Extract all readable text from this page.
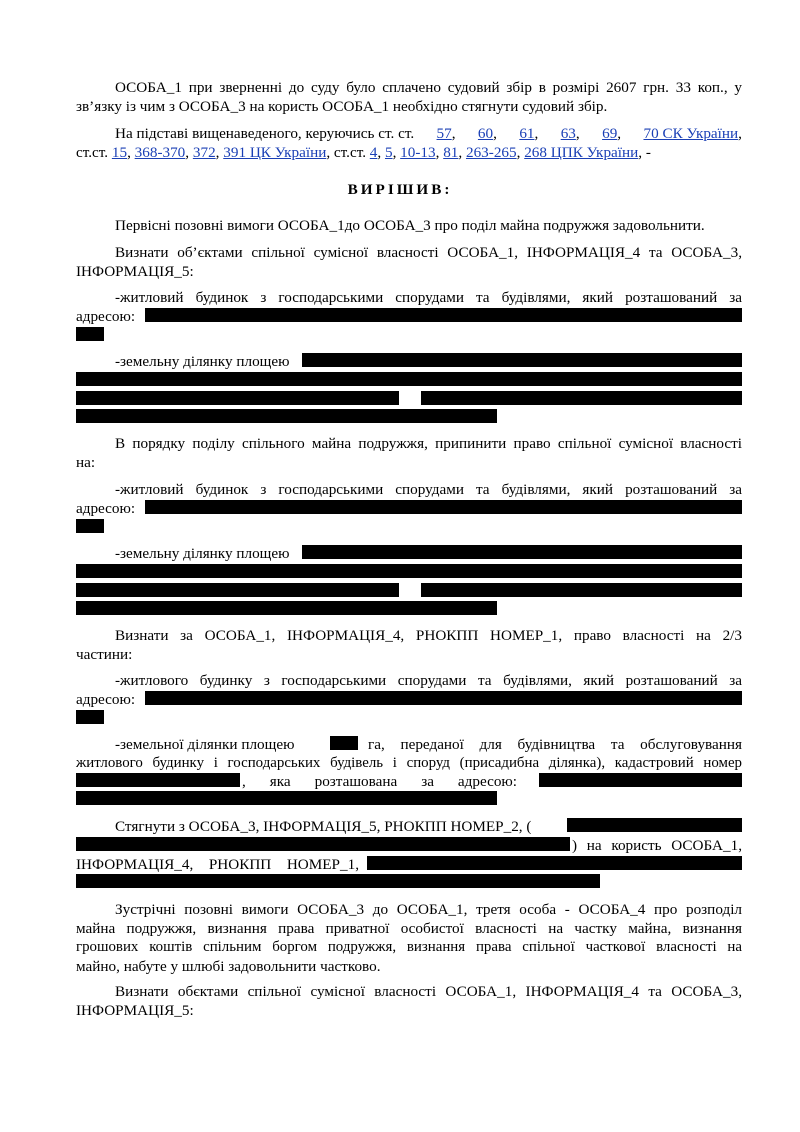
ОСОБА_1 при зверненні до суду було сплачено судовий збір в розмірі 2607 грн. 33 коп., у
зв’язку із чим з ОСОБА_3 на користь ОСОБА_1 необхідно стягнути судовий збір.
На підставі вищенаведеного, керуючись ст. ст. 57, 60, 61, 63, 69, 70 СК України,
ст.ст. 15, 368-370, 372, 391 ЦК України, ст.ст. 4, 5, 10-13, 81, 263-265, 268 ЦПК України, -
ВИРІШИВ:
Первісні позовні вимоги ОСОБА_1до ОСОБА_3 про поділ майна подружжя задовольнити.
Визнати об’єктами спільної сумісної власності ОСОБА_1, ІНФОРМАЦІЯ_4 та ОСОБА_3,
ІНФОРМАЦІЯ_5:
-житловий будинок з господарськими спорудами та будівлями, який розташований за
адресою:
-земельну ділянку площею
В порядку поділу спільного майна подружжя, припинити право спільної сумісної власності
на:
-житловий будинок з господарськими спорудами та будівлями, який розташований за
адресою:
-земельну ділянку площею
Визнати за ОСОБА_1, ІНФОРМАЦІЯ_4, РНОКПП НОМЕР_1, право власності на 2/3
частини:
-житлового будинку з господарськими спорудами та будівлями, який розташований за
адресою:
-земельної ділянки площею	га, переданої для будівництва та обслуговування
житлового будинку і господарських будівель і споруд (присадибна ділянка), кадастровий номер
, яка розташована за адресою:
Стягнути з ОСОБА_3, ІНФОРМАЦІЯ_5, РНОКПП НОМЕР_2, (
) на користь ОСОБА_1,
ІНФОРМАЦІЯ_4, РНОКПП НОМЕР_1,
Зустрічні позовні вимоги ОСОБА_3 до ОСОБА_1, третя особа - ОСОБА_4 про розподіл
майна подружжя, визнання права приватної особистої власності на частку майна, визнання
грошових коштів спільним боргом подружжя, визнання права спільної часткової власності на
майно, набуте у шлюбі задовольнити частково.
Визнати обєктами спільної сумісної власності ОСОБА_1, ІНФОРМАЦІЯ_4 та ОСОБА_3,
ІНФОРМАЦІЯ_5:
